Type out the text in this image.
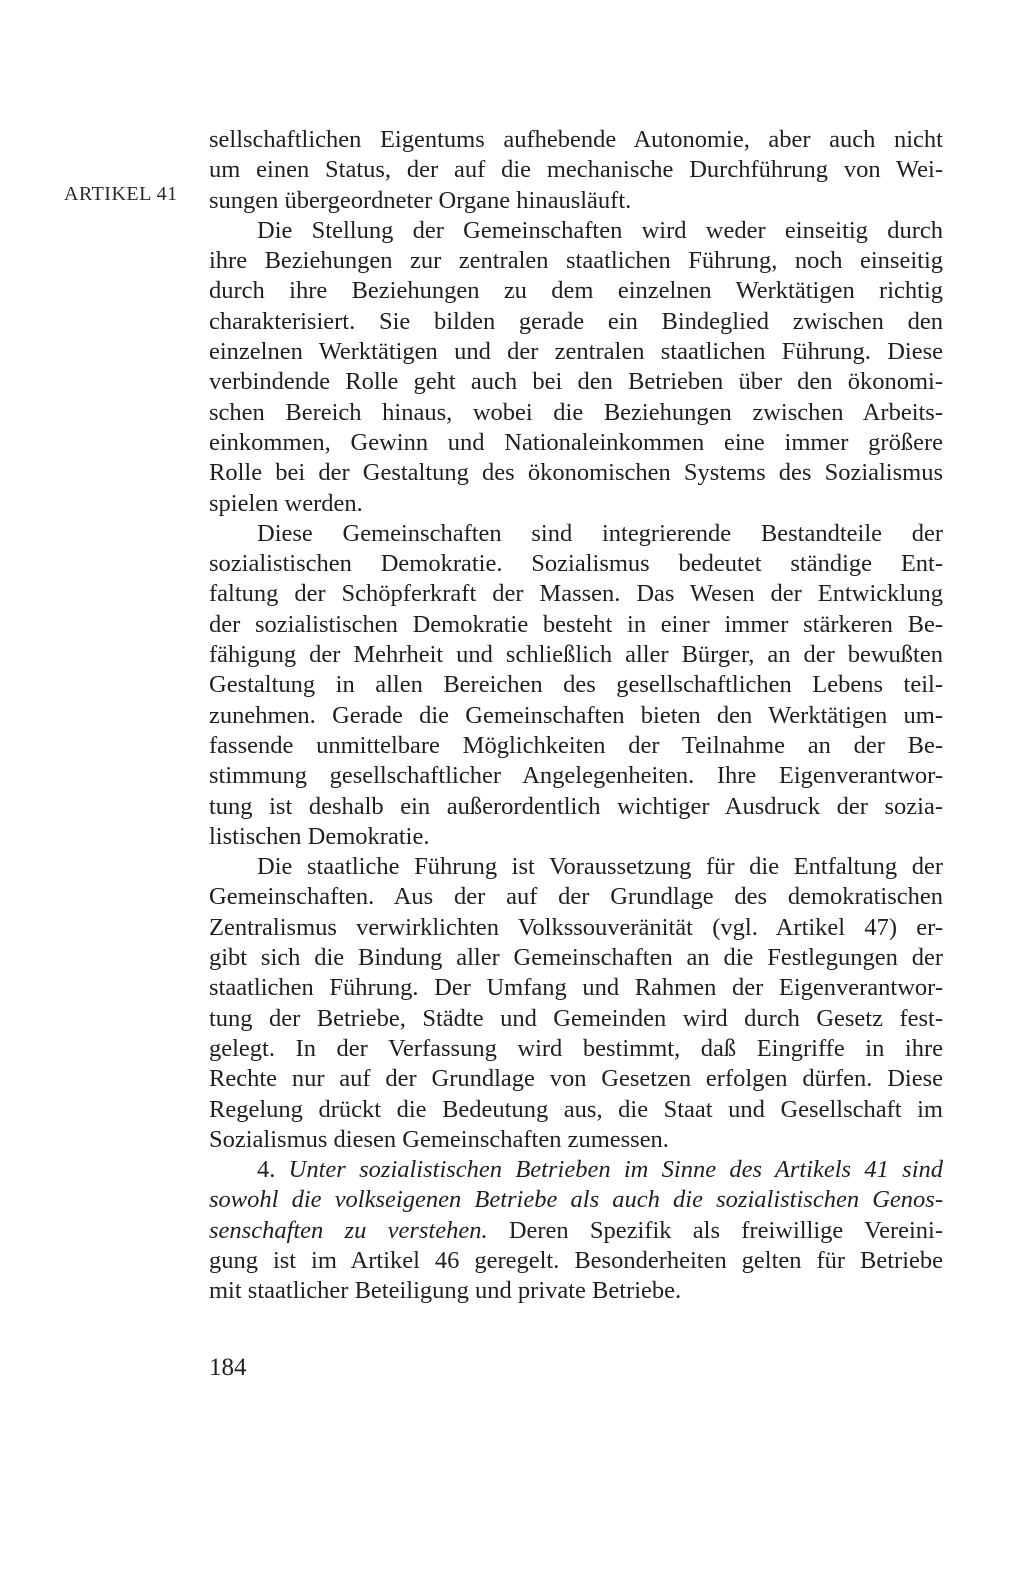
ARTIKEL 41
sellschaftlichen Eigentums aufhebende Autonomie, aber auch nicht
um einen Status, der auf die mechanische Durchführung von Wei-
sungen übergeordneter Organe hinausläuft.
Die Stellung der Gemeinschaften wird weder einseitig durch
ihre Beziehungen zur zentralen staatlichen Führung, noch einseitig
durch ihre Beziehungen zu dem einzelnen Werktätigen richtig
charakterisiert. Sie bilden gerade ein Bindeglied zwischen den
einzelnen Werktätigen und der zentralen staatlichen Führung. Diese
verbindende Rolle geht auch bei den Betrieben über den ökonomi-
schen Bereich hinaus, wobei die Beziehungen zwischen Arbeits-
einkommen, Gewinn und Nationaleinkommen eine immer größere
Rolle bei der Gestaltung des ökonomischen Systems des Sozialismus
spielen werden.
Diese Gemeinschaften sind integrierende Bestandteile der
sozialistischen Demokratie. Sozialismus bedeutet ständige Ent-
faltung der Schöpferkraft der Massen. Das Wesen der Entwicklung
der sozialistischen Demokratie besteht in einer immer stärkeren Be-
fähigung der Mehrheit und schließlich aller Bürger, an der bewußten
Gestaltung in allen Bereichen des gesellschaftlichen Lebens teil-
zunehmen. Gerade die Gemeinschaften bieten den Werktätigen um-
fassende unmittelbare Möglichkeiten der Teilnahme an der Be-
stimmung gesellschaftlicher Angelegenheiten. Ihre Eigenverantwor-
tung ist deshalb ein außerordentlich wichtiger Ausdruck der sozia-
listischen Demokratie.
Die staatliche Führung ist Voraussetzung für die Entfaltung der
Gemeinschaften. Aus der auf der Grundlage des demokratischen
Zentralismus verwirklichten Volkssouveränität (vgl. Artikel 47) er-
gibt sich die Bindung aller Gemeinschaften an die Festlegungen der
staatlichen Führung. Der Umfang und Rahmen der Eigenverantwor-
tung der Betriebe, Städte und Gemeinden wird durch Gesetz fest-
gelegt. In der Verfassung wird bestimmt, daß Eingriffe in ihre
Rechte nur auf der Grundlage von Gesetzen erfolgen dürfen. Diese
Regelung drückt die Bedeutung aus, die Staat und Gesellschaft im
Sozialismus diesen Gemeinschaften zumessen.
4. Unter sozialistischen Betrieben im Sinne des Artikels 41 sind
sowohl die volkseigenen Betriebe als auch die sozialistischen Genos-
senschaften zu verstehen. Deren Spezifik als freiwillige Vereini-
gung ist im Artikel 46 geregelt. Besonderheiten gelten für Betriebe
mit staatlicher Beteiligung und private Betriebe.
184
